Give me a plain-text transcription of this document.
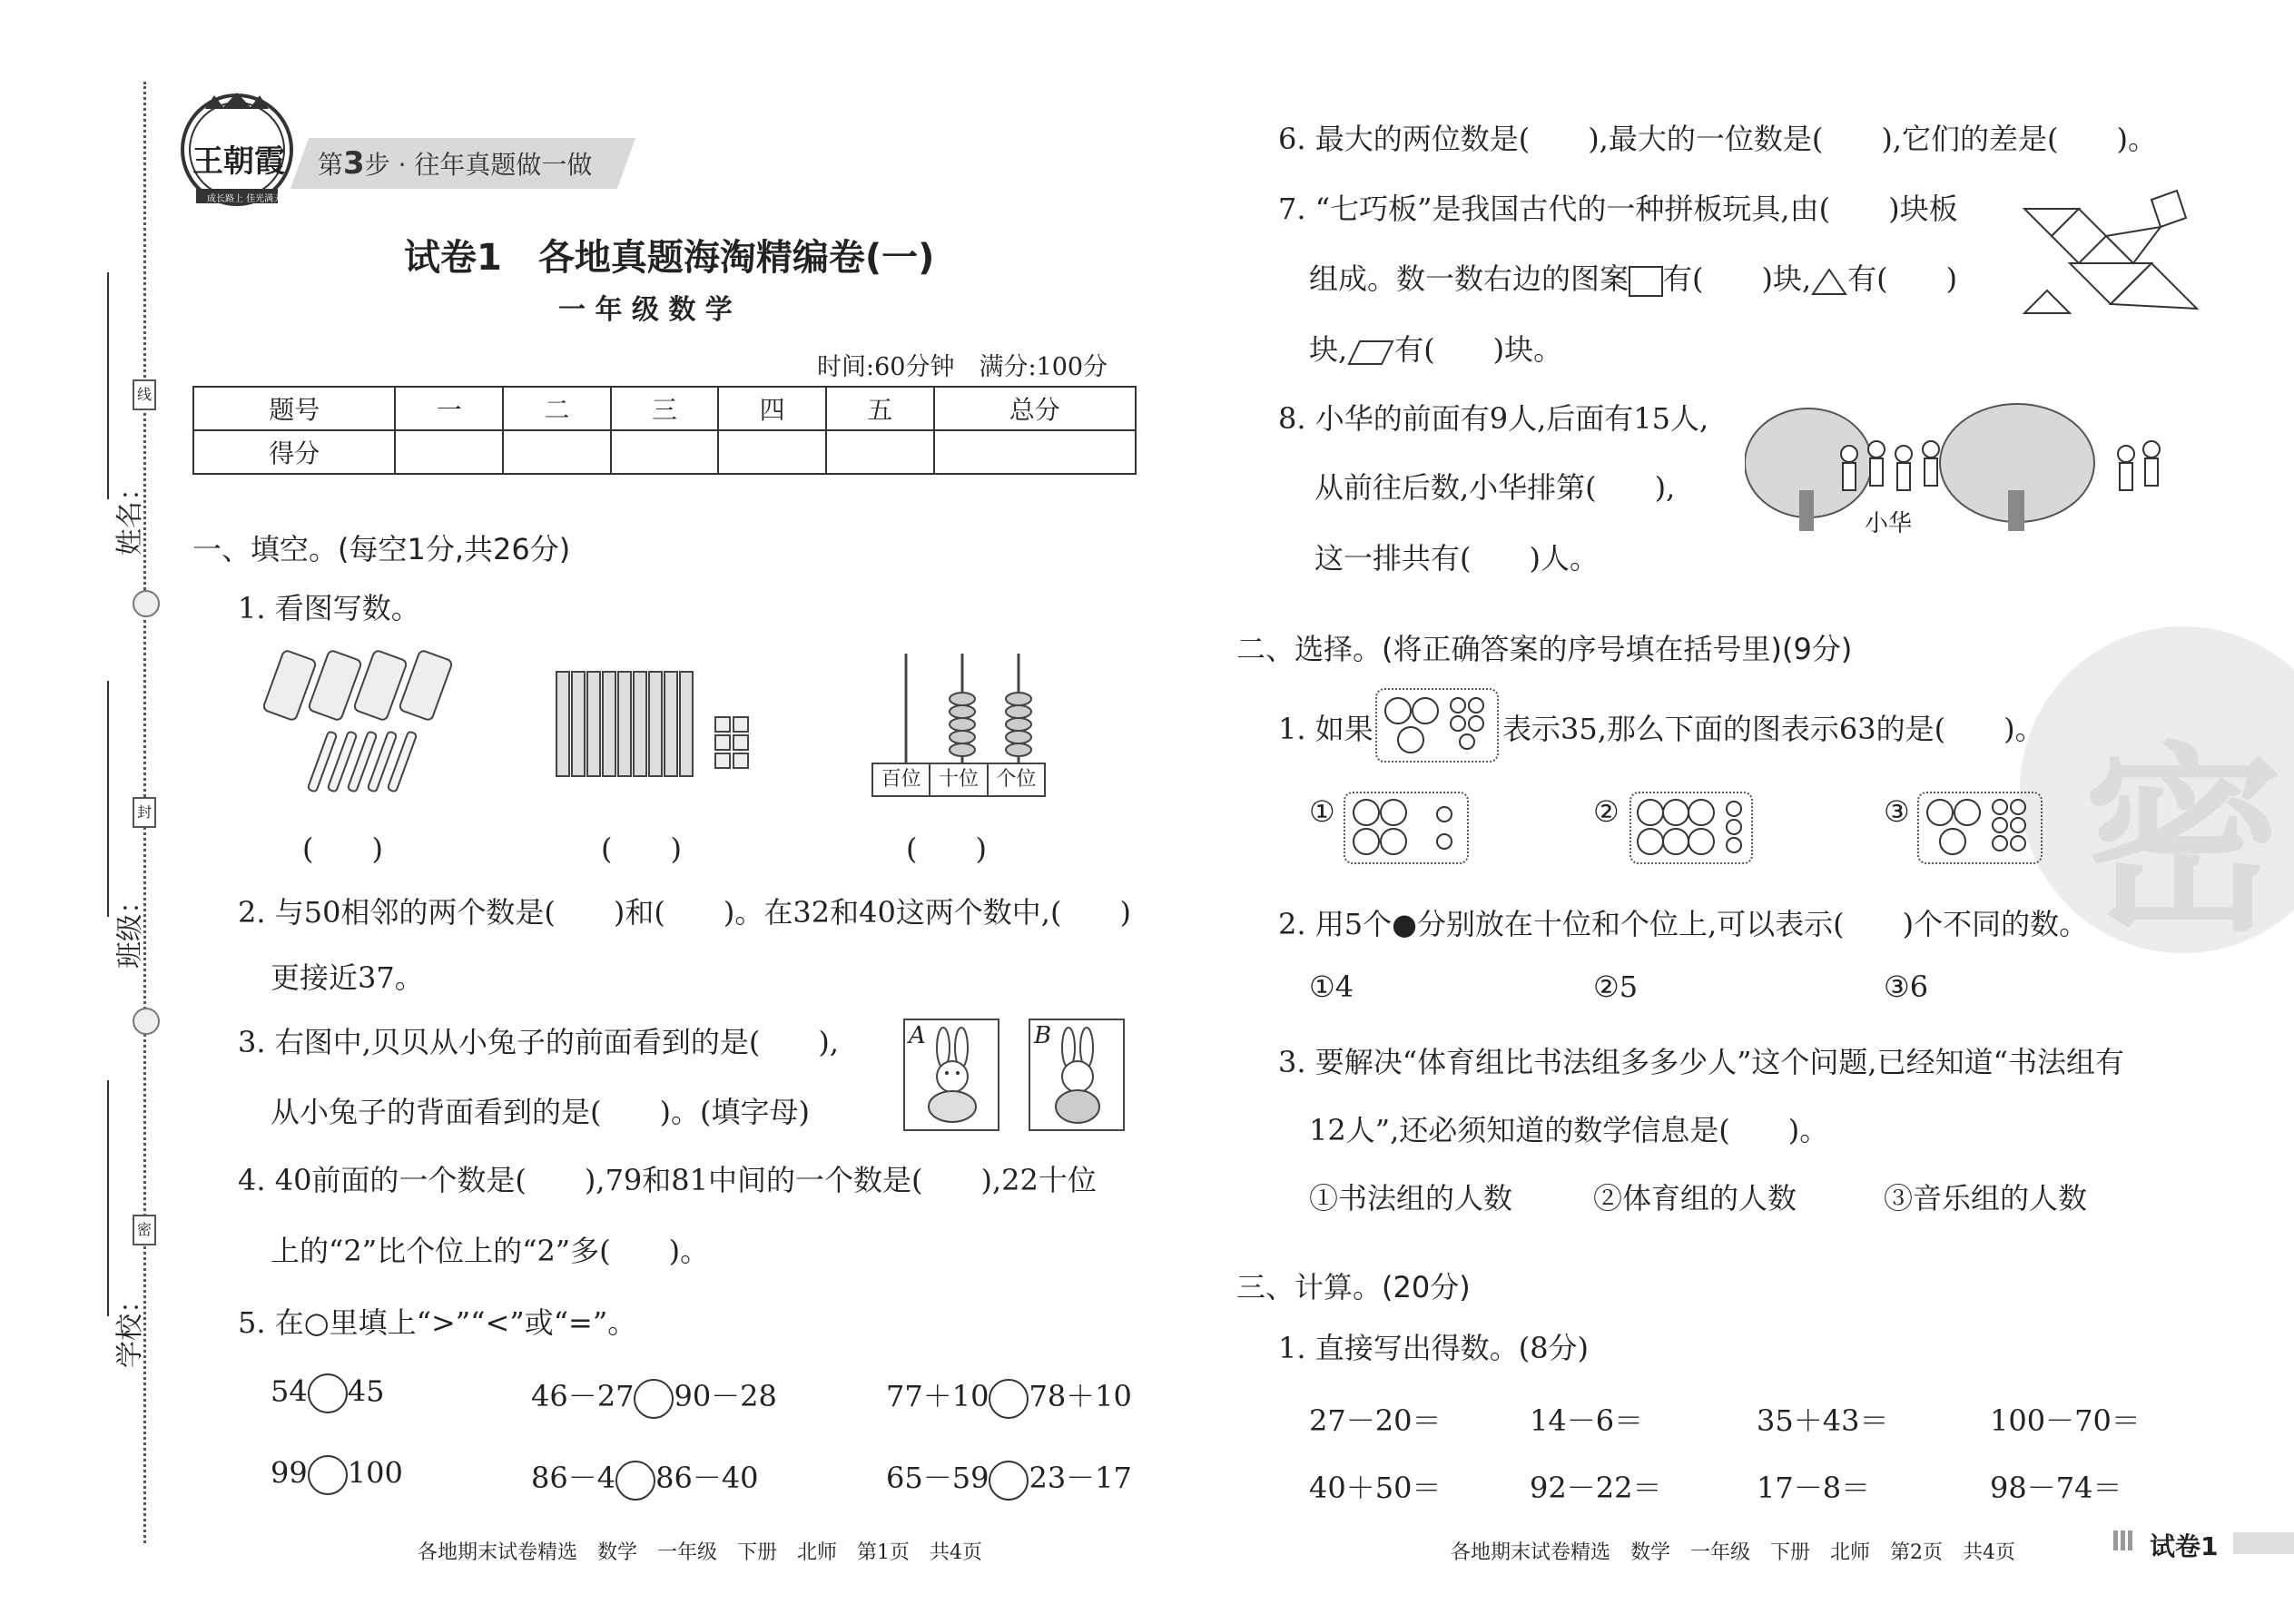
线
封
密
姓名：
班级：
学校：
王朝霞
成长路上 佳光满天
第3步 · 往年真题做一做
试卷1　各地真题海淘精编卷(一)
一 年 级 数 学
时间:60分钟　满分:100分
题号	一	二	三	四	五	总分
得分						
一、填空。(每空1分,共26分)
1. 看图写数。
百位 十位 个位
(　　)	(　　)	(　　)
2. 与50相邻的两个数是(　　)和(　　)。在32和40这两个数中,(　　)
更接近37。
3. 右图中,贝贝从小兔子的前面看到的是(　　),
从小兔子的背面看到的是(　　)。(填字母)
A	B
4. 40前面的一个数是(　　),79和81中间的一个数是(　　),22十位
上的“2”比个位上的“2”多(　　)。
5. 在○里填上“>”“<”或“=”。
54 45	46－27 90－28	77＋10 78＋10
99 100	86－4 86－40	65－59 23－17
各地期末试卷精选　数学　一年级　下册　北师　第1页　共4页
密
6. 最大的两位数是(　　),最大的一位数是(　　),它们的差是(　　)。
7. “七巧板”是我国古代的一种拼板玩具,由(　　)块板
组成。数一数右边的图案 有(　　)块, 有(　　)
块, 有(　　)块。
8. 小华的前面有9人,后面有15人,
从前往后数,小华排第(　　),
这一排共有(　　)人。
小华
二、选择。(将正确答案的序号填在括号里)(9分)
1. 如果	表示35,那么下面的图表示63的是(　　)。
①	②	③
2. 用5个●分别放在十位和个位上,可以表示(　　)个不同的数。
①4	②5	③6
3. 要解决“体育组比书法组多多少人”这个问题,已经知道“书法组有
12人”,还必须知道的数学信息是(　　)。
①书法组的人数	②体育组的人数	③音乐组的人数
三、计算。(20分)
1. 直接写出得数。(8分)
27－20＝	14－6＝	35＋43＝	100－70＝
40＋50＝	92－22＝	17－8＝	98－74＝
各地期末试卷精选　数学　一年级　下册　北师　第2页　共4页	试卷1
